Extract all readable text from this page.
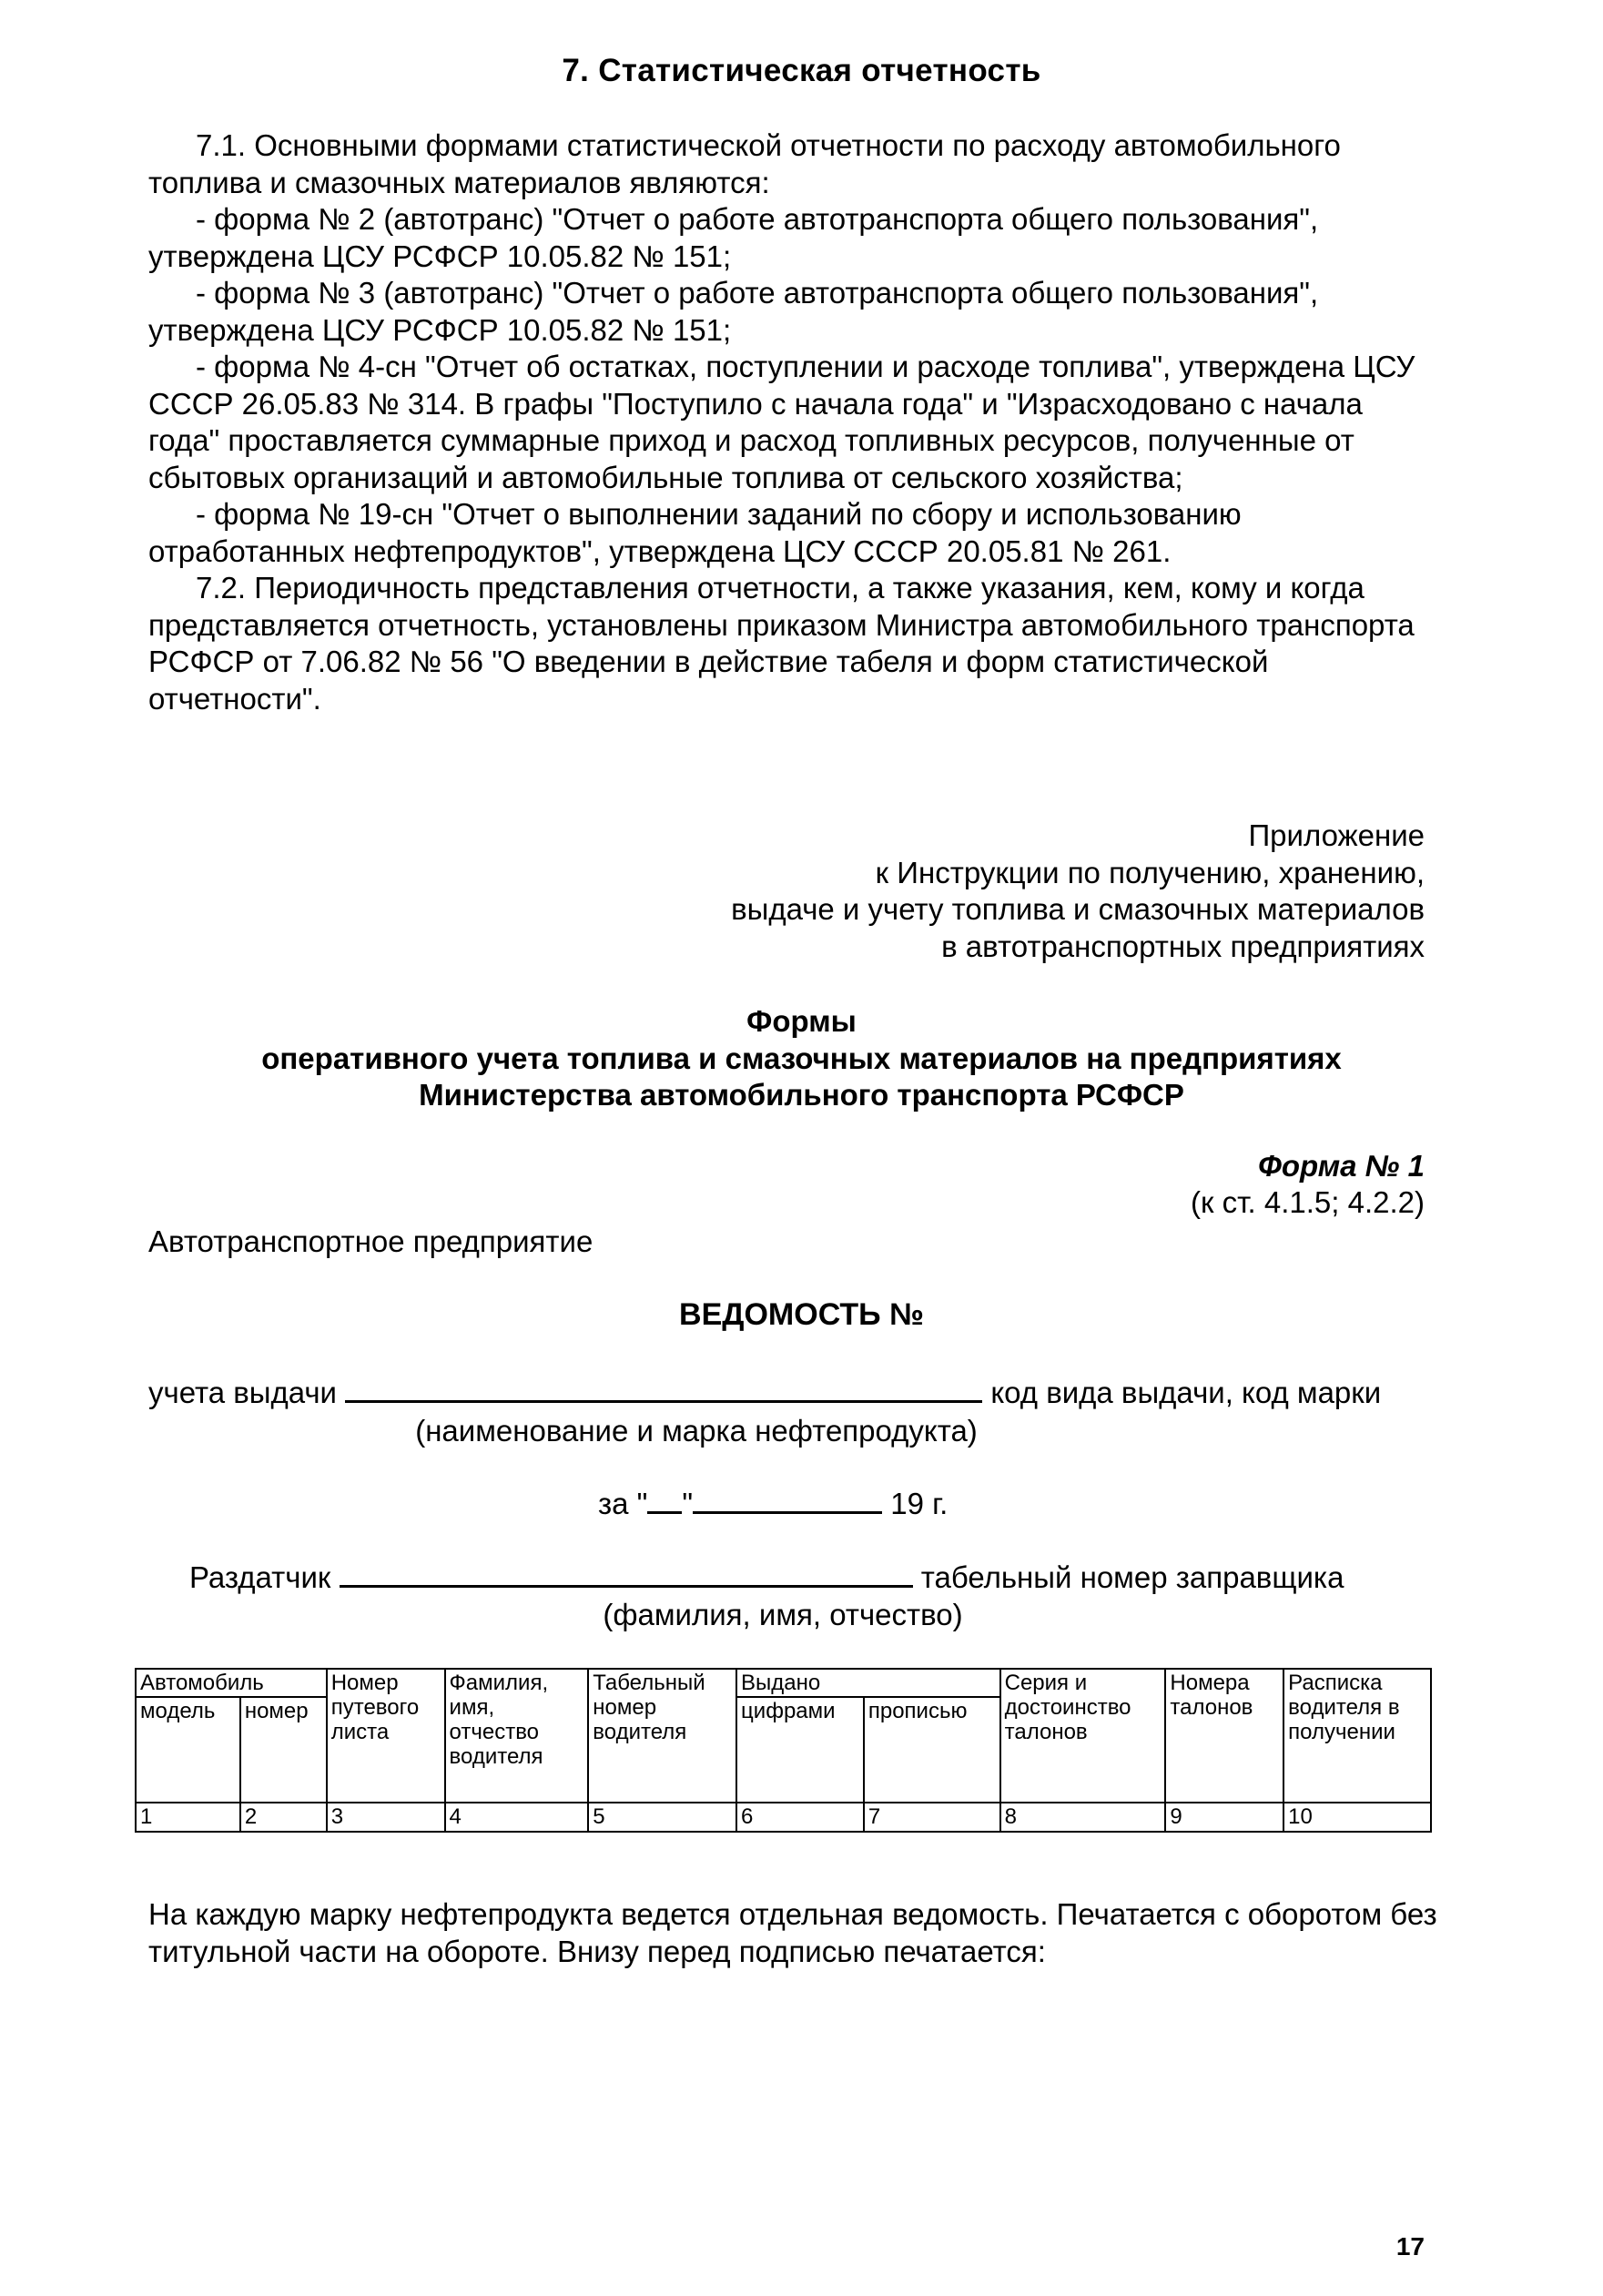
7. Статистическая отчетность

7.1. Основными формами статистической отчетности по расходу автомобильного топлива и смазочных материалов являются:

- форма № 2 (автотранс) "Отчет о работе автотранспорта общего пользования", утверждена ЦСУ РСФСР 10.05.82 № 151;

- форма № 3 (автотранс) "Отчет о работе автотранспорта общего пользования", утверждена ЦСУ РСФСР 10.05.82 № 151;

- форма № 4-сн "Отчет об остатках, поступлении и расходе топлива", утверждена ЦСУ СССР 26.05.83 № 314. В графы "Поступило с начала года" и "Израсходовано с начала года" проставляется суммарные приход и расход топливных ресурсов, полученные от сбытовых организаций и автомобильные топлива от сельского хозяйства;

- форма № 19-сн "Отчет о выполнении заданий по сбору и использованию отработанных нефтепродуктов", утверждена ЦСУ СССР 20.05.81 № 261.

7.2. Периодичность представления отчетности, а также указания, кем, кому и когда представляется отчетность, установлены приказом Министра автомобильного транспорта РСФСР от 7.06.82 № 56 "О введении в действие табеля и форм статистической отчетности".

Приложение
к Инструкции по получению, хранению,
выдаче и учету топлива и смазочных материалов
в автотранспортных предприятиях
Формы
оперативного учета топлива и смазочных материалов на предприятиях
Министерства автомобильного транспорта РСФСР
Форма № 1
(к ст. 4.1.5; 4.2.2)
Автотранспортное предприятие
ВЕДОМОСТЬ №
учета выдачи	код вида выдачи, код марки
(наименование и марка нефтепродукта)
за " "	19 г.
Раздатчик	табельный номер заправщика
(фамилия, имя, отчество)
Автомобиль		Номер путевого листа	Фамилия, имя, отчество водителя	Табельный номер водителя	Выдано		Серия и достоинство талонов	Номера талонов	Расписка водителя в получении
модель	номер				цифрами	прописью			
1	2	3	4	5	6	7	8	9	10
На каждую марку нефтепродукта ведется отдельная ведомость. Печатается с оборотом без титульной части на обороте. Внизу перед подписью печатается:
17
